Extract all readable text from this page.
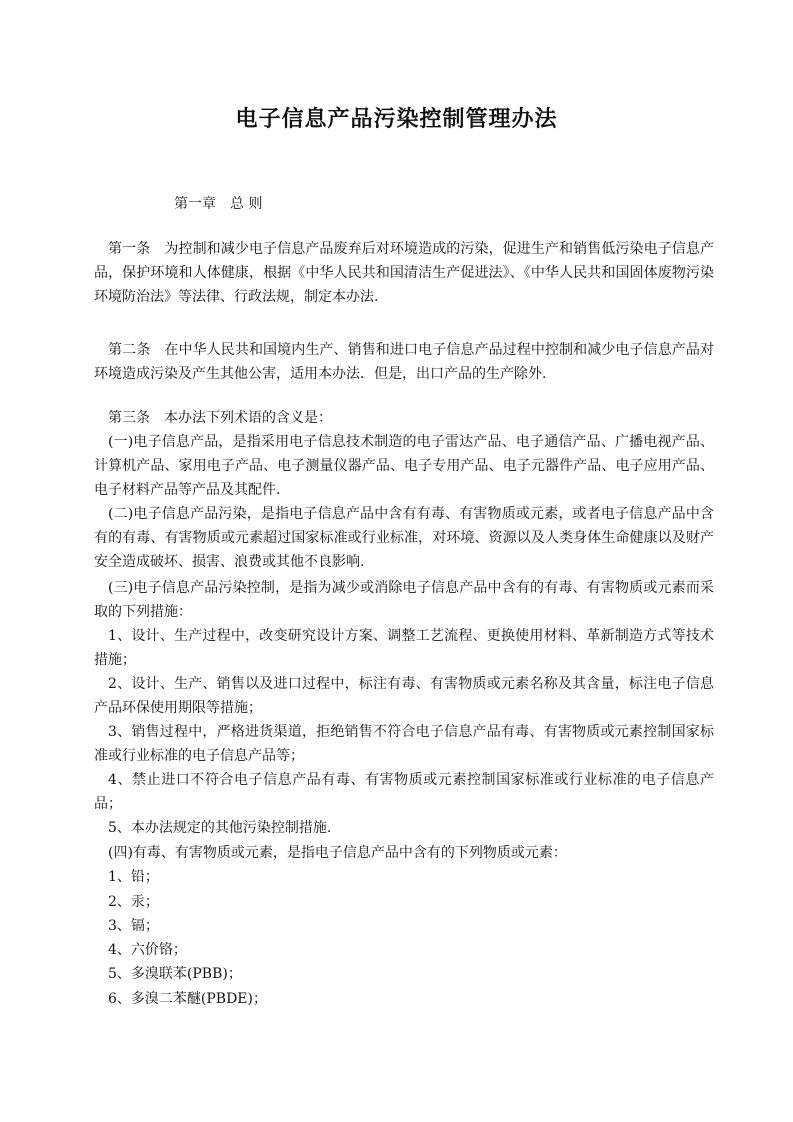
电子信息产品污染控制管理办法
第一章　总 则

第一条　为控制和减少电子信息产品废弃后对环境造成的污染，促进生产和销售低污染电子信息产品，保护环境和人体健康，根据《中华人民共和国清洁生产促进法》、《中华人民共和国固体废物污染环境防治法》等法律、行政法规，制定本办法.

第二条　在中华人民共和国境内生产、销售和进口电子信息产品过程中控制和减少电子信息产品对环境造成污染及产生其他公害，适用本办法．但是，出口产品的生产除外.

第三条　本办法下列术语的含义是：

(一)电子信息产品，是指采用电子信息技术制造的电子雷达产品、电子通信产品、广播电视产品、计算机产品、家用电子产品、电子测量仪器产品、电子专用产品、电子元器件产品、电子应用产品、电子材料产品等产品及其配件.

(二)电子信息产品污染，是指电子信息产品中含有有毒、有害物质或元素，或者电子信息产品中含有的有毒、有害物质或元素超过国家标准或行业标准，对环境、资源以及人类身体生命健康以及财产安全造成破坏、损害、浪费或其他不良影响.

(三)电子信息产品污染控制，是指为减少或消除电子信息产品中含有的有毒、有害物质或元素而采取的下列措施：

1、设计、生产过程中，改变研究设计方案、调整工艺流程、更换使用材料、革新制造方式等技术措施；

2、设计、生产、销售以及进口过程中，标注有毒、有害物质或元素名称及其含量，标注电子信息产品环保使用期限等措施；

3、销售过程中，严格进货渠道，拒绝销售不符合电子信息产品有毒、有害物质或元素控制国家标准或行业标准的电子信息产品等；

4、禁止进口不符合电子信息产品有毒、有害物质或元素控制国家标准或行业标准的电子信息产品；

5、本办法规定的其他污染控制措施.

(四)有毒、有害物质或元素，是指电子信息产品中含有的下列物质或元素：

1、铅；

2、汞；

3、镉；

4、六价铬；

5、多溴联苯(PBB)；

6、多溴二苯醚(PBDE)；
